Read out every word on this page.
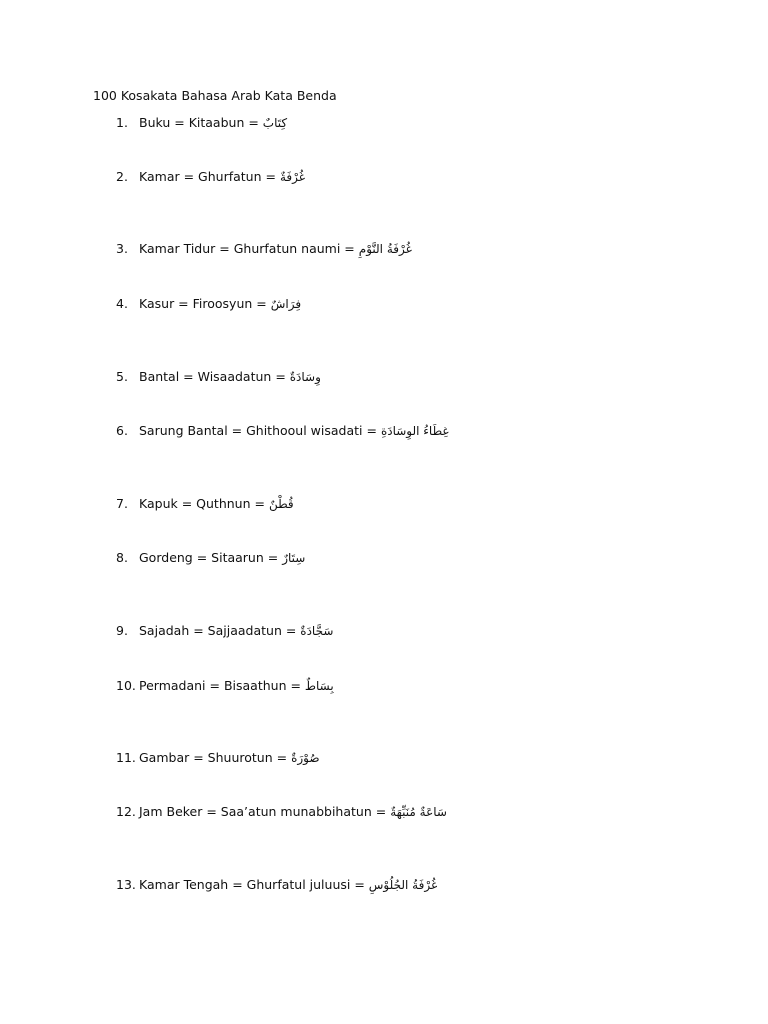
100 Kosakata Bahasa Arab Kata Benda
1. Buku = Kitaabun = كِتَابٌ
2. Kamar = Ghurfatun = غُرْفَةٌ
3. Kamar Tidur = Ghurfatun naumi = غُرْفَةُ النَّوْمِ
4. Kasur = Firoosyun = فِرَاشٌ
5. Bantal = Wisaadatun = وِسَادَةٌ
6. Sarung Bantal = Ghithooul wisadati = غِطَاءُ الوِسَادَةِ
7. Kapuk = Quthnun = قُطْنٌ
8. Gordeng = Sitaarun = سِتَارٌ
9. Sajadah = Sajjaadatun = سَجَّادَةٌ
10. Permadani = Bisaathun = بِسَاطٌ
11. Gambar = Shuurotun = صُوْرَةٌ
12. Jam Beker = Saa’atun munabbihatun = سَاعَةٌ مُنَبِّهَةٌ
13. Kamar Tengah = Ghurfatul juluusi = غُرْفَةُ الجُلُوْسِ
